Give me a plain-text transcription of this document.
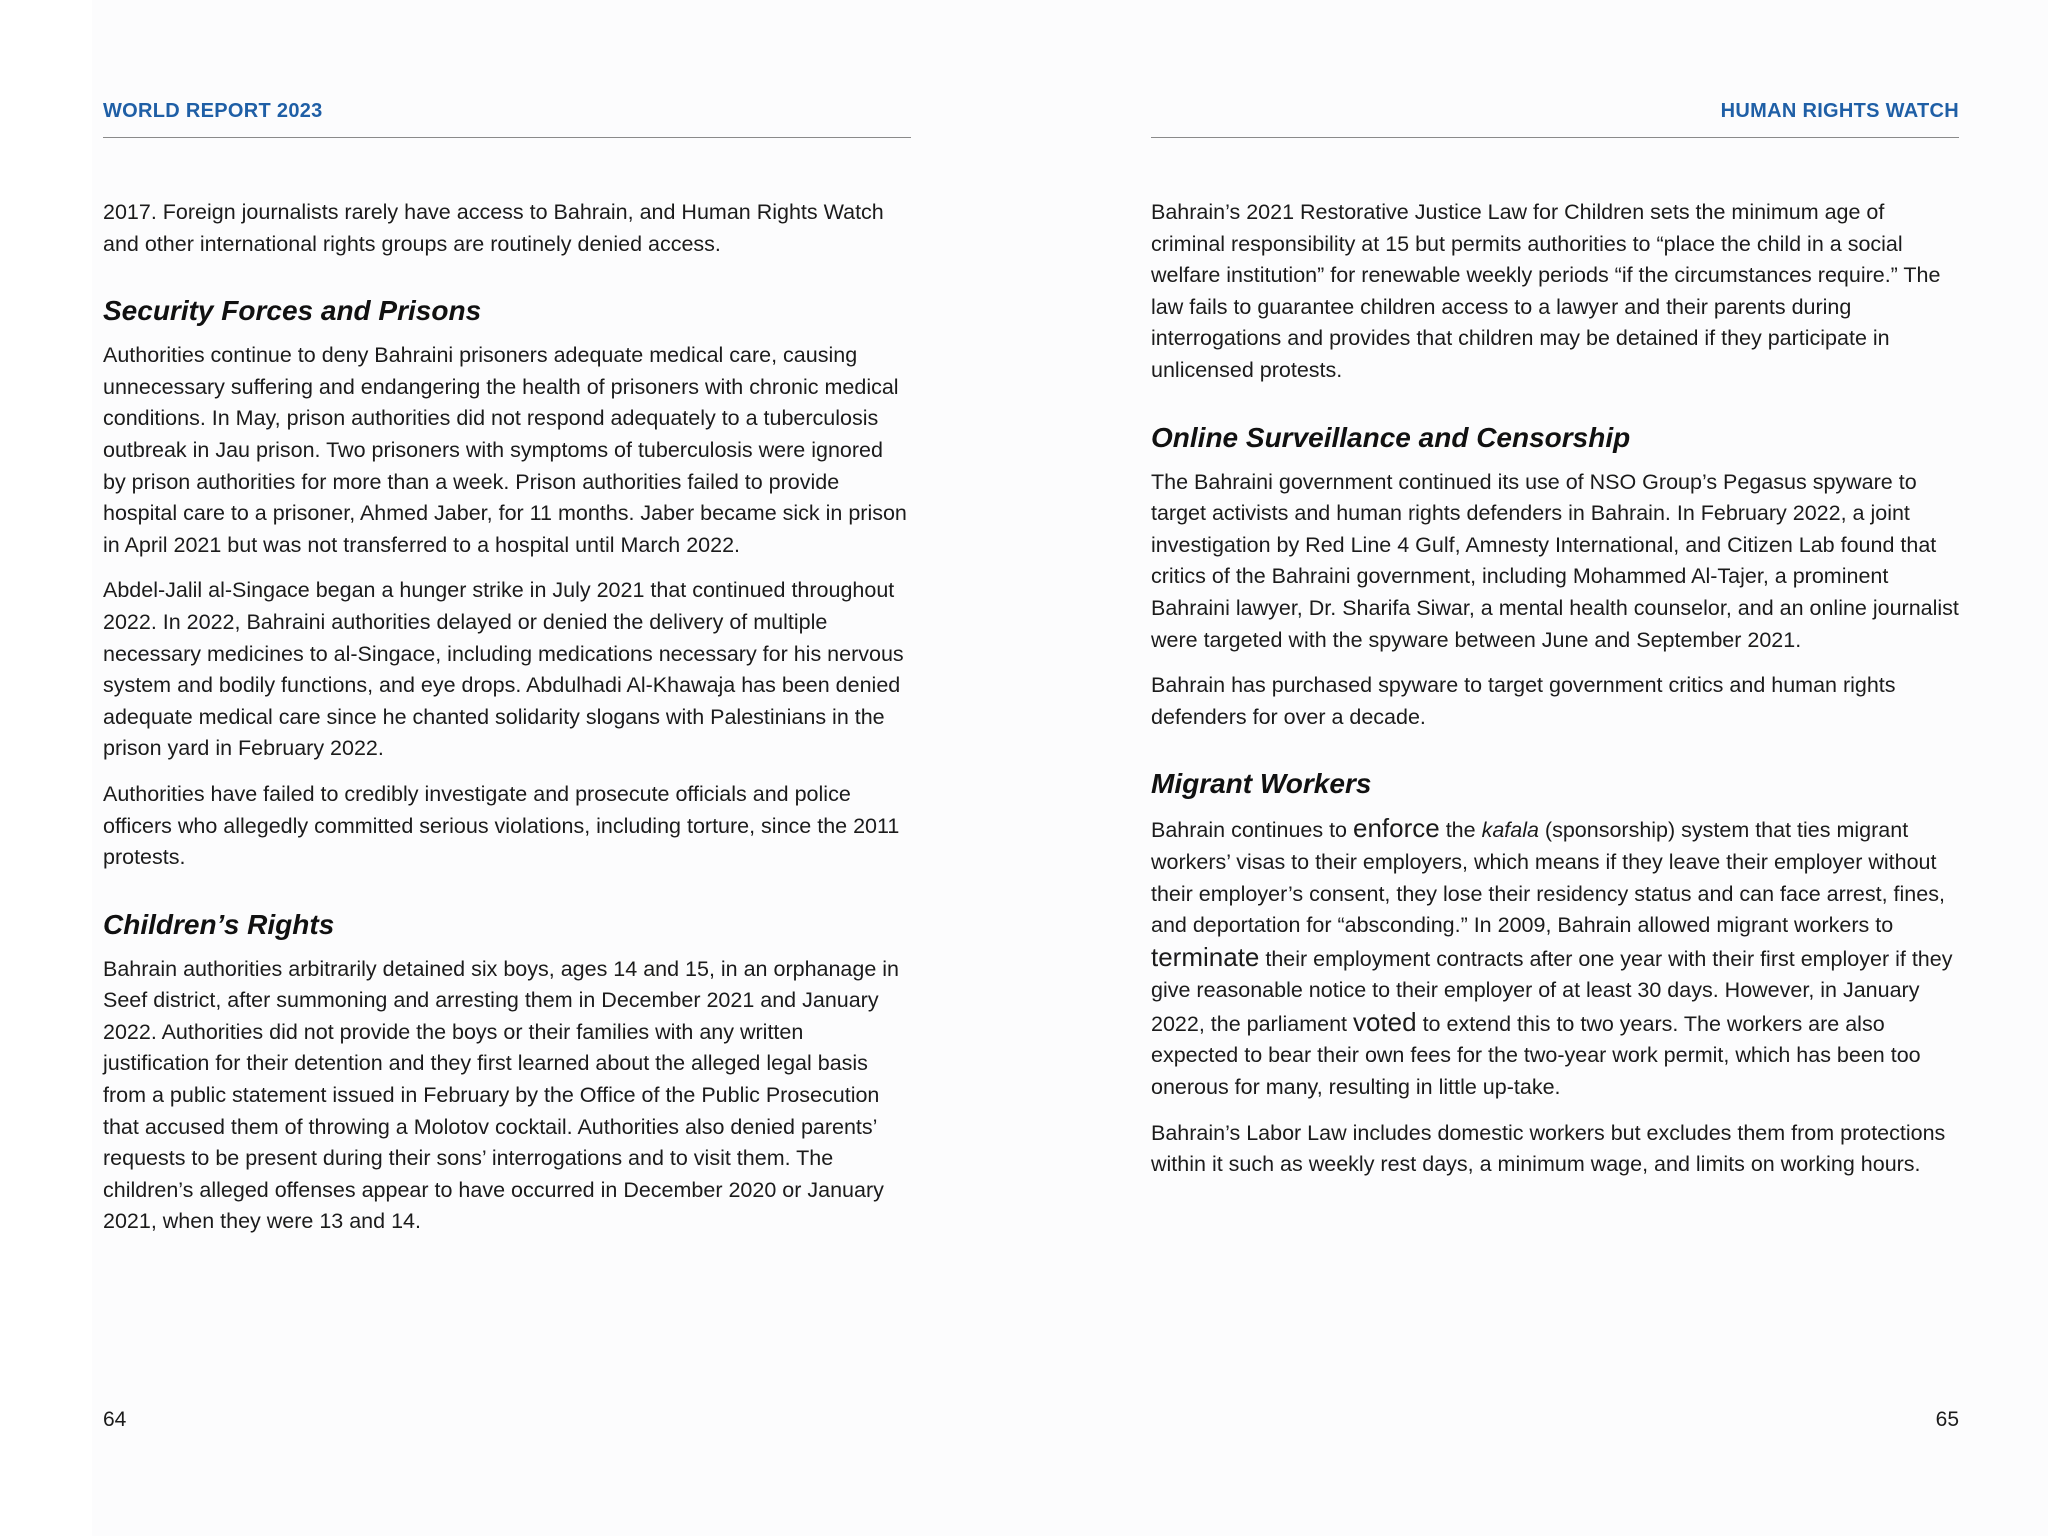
WORLD REPORT 2023

2017. Foreign journalists rarely have access to Bahrain, and Human Rights Watch and other international rights groups are routinely denied access.

Security Forces and Prisons

Authorities continue to deny Bahraini prisoners adequate medical care, causing unnecessary suffering and endangering the health of prisoners with chronic medical conditions. In May, prison authorities did not respond adequately to a tuberculosis outbreak in Jau prison. Two prisoners with symptoms of tuberculosis were ignored by prison authorities for more than a week. Prison authorities failed to provide hospital care to a prisoner, Ahmed Jaber, for 11 months. Jaber became sick in prison in April 2021 but was not transferred to a hospital until March 2022.

Abdel-Jalil al-Singace began a hunger strike in July 2021 that continued throughout 2022. In 2022, Bahraini authorities delayed or denied the delivery of multiple necessary medicines to al-Singace, including medications necessary for his nervous system and bodily functions, and eye drops. Abdulhadi Al-Khawaja has been denied adequate medical care since he chanted solidarity slogans with Palestinians in the prison yard in February 2022.

Authorities have failed to credibly investigate and prosecute officials and police officers who allegedly committed serious violations, including torture, since the 2011 protests.

Children’s Rights

Bahrain authorities arbitrarily detained six boys, ages 14 and 15, in an orphanage in Seef district, after summoning and arresting them in December 2021 and January 2022. Authorities did not provide the boys or their families with any written justification for their detention and they first learned about the alleged legal basis from a public statement issued in February by the Office of the Public Prosecution that accused them of throwing a Molotov cocktail. Authorities also denied parents’ requests to be present during their sons’ interrogations and to visit them. The children’s alleged offenses appear to have occurred in December 2020 or January 2021, when they were 13 and 14.

64
HUMAN RIGHTS WATCH

Bahrain’s 2021 Restorative Justice Law for Children sets the minimum age of criminal responsibility at 15 but permits authorities to “place the child in a social welfare institution” for renewable weekly periods “if the circumstances require.” The law fails to guarantee children access to a lawyer and their parents during interrogations and provides that children may be detained if they participate in unlicensed protests.

Online Surveillance and Censorship

The Bahraini government continued its use of NSO Group’s Pegasus spyware to target activists and human rights defenders in Bahrain. In February 2022, a joint investigation by Red Line 4 Gulf, Amnesty International, and Citizen Lab found that critics of the Bahraini government, including Mohammed Al-Tajer, a prominent Bahraini lawyer, Dr. Sharifa Siwar, a mental health counselor, and an online journalist were targeted with the spyware between June and September 2021.

Bahrain has purchased spyware to target government critics and human rights defenders for over a decade.

Migrant Workers

Bahrain continues to enforce the kafala (sponsorship) system that ties migrant workers’ visas to their employers, which means if they leave their employer without their employer’s consent, they lose their residency status and can face arrest, fines, and deportation for “absconding.” In 2009, Bahrain allowed migrant workers to terminate their employment contracts after one year with their first employer if they give reasonable notice to their employer of at least 30 days. However, in January 2022, the parliament voted to extend this to two years. The workers are also expected to bear their own fees for the two-year work permit, which has been too onerous for many, resulting in little up-take.

Bahrain’s Labor Law includes domestic workers but excludes them from protections within it such as weekly rest days, a minimum wage, and limits on working hours.

65
